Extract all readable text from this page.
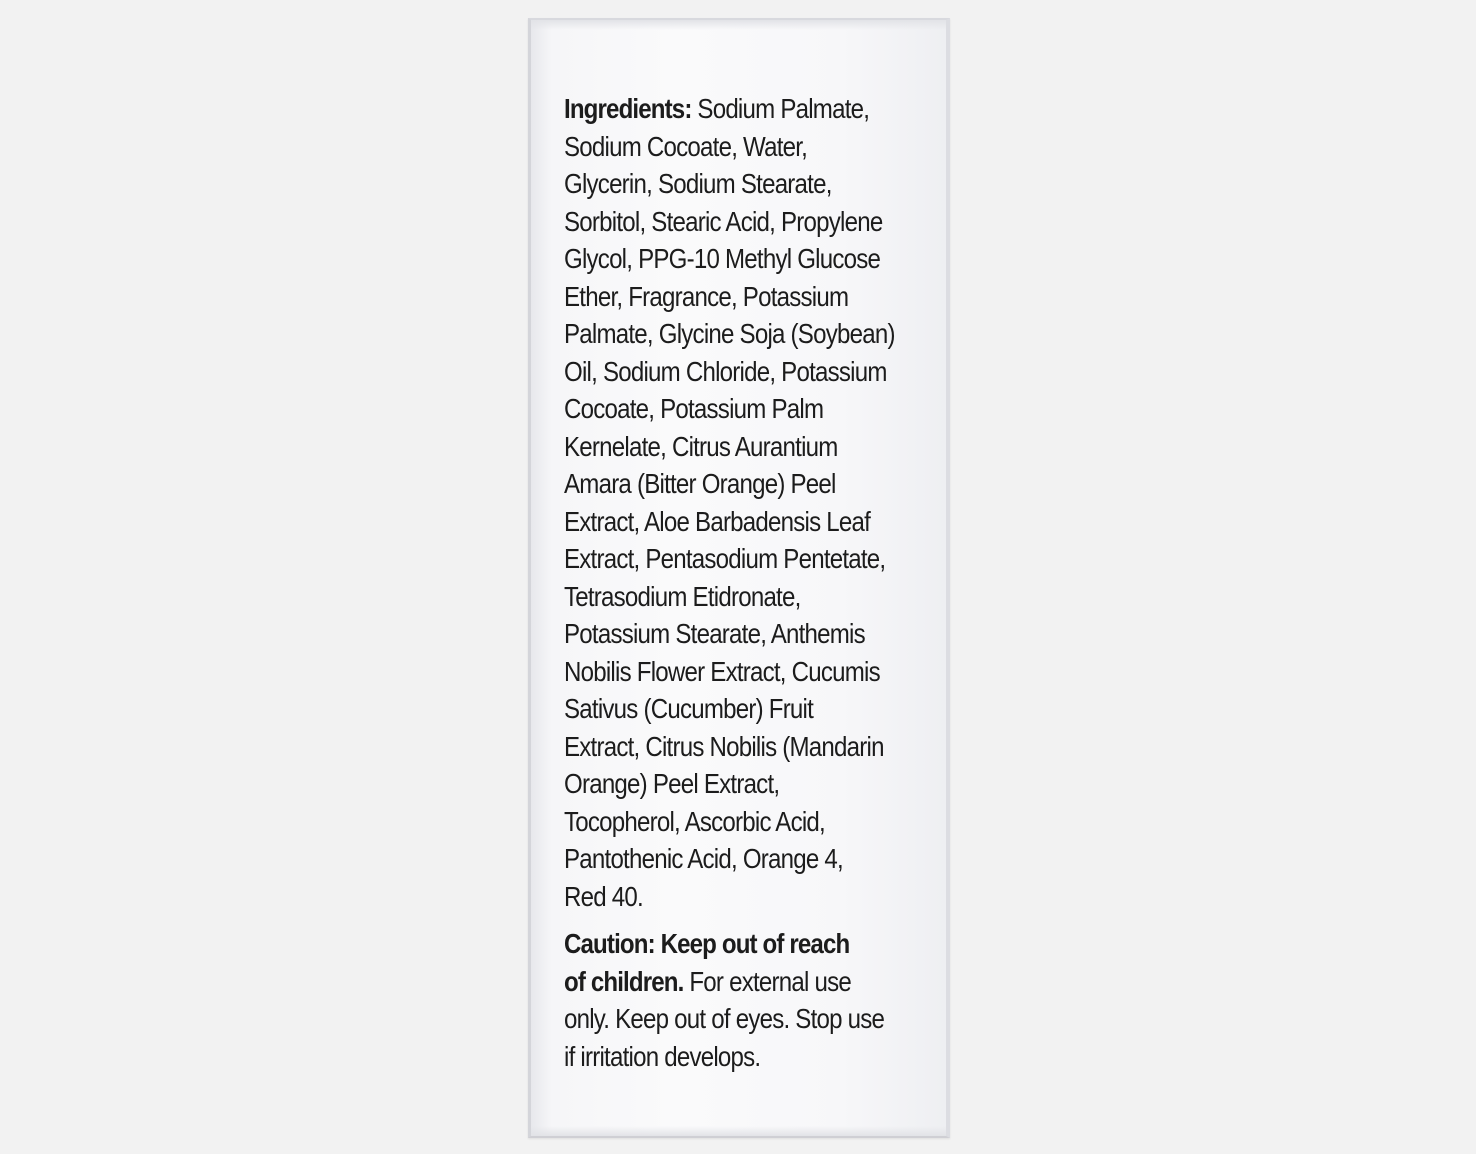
Ingredients: Sodium Palmate,
Sodium Cocoate, Water,
Glycerin, Sodium Stearate,
Sorbitol, Stearic Acid, Propylene
Glycol, PPG-10 Methyl Glucose
Ether, Fragrance, Potassium
Palmate, Glycine Soja (Soybean)
Oil, Sodium Chloride, Potassium
Cocoate, Potassium Palm
Kernelate, Citrus Aurantium
Amara (Bitter Orange) Peel
Extract, Aloe Barbadensis Leaf
Extract, Pentasodium Pentetate,
Tetrasodium Etidronate,
Potassium Stearate, Anthemis
Nobilis Flower Extract, Cucumis
Sativus (Cucumber) Fruit
Extract, Citrus Nobilis (Mandarin
Orange) Peel Extract,
Tocopherol, Ascorbic Acid,
Pantothenic Acid, Orange 4,
Red 40.

Caution: Keep out of reach
of children. For external use
only. Keep out of eyes. Stop use
if irritation develops.
